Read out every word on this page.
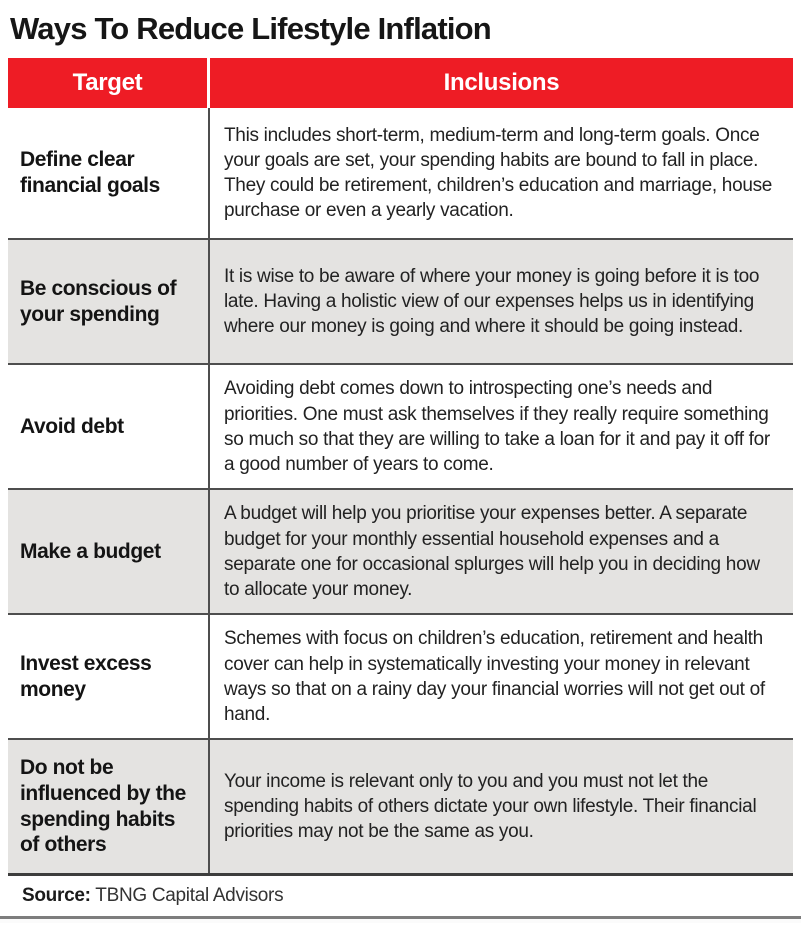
Ways To Reduce Lifestyle Inflation
Target	Inclusions
Define clear financial goals
This includes short-term, medium-term and long-term goals. Once your goals are set, your spending habits are bound to fall in place. They could be retirement, children’s education and marriage, house purchase or even a yearly vacation.
Be conscious of your spending
It is wise to be aware of where your money is going before it is too late. Having a holistic view of our expenses helps us in identifying where our money is going and where it should be going instead.
Avoid debt
Avoiding debt comes down to introspecting one’s needs and priorities. One must ask themselves if they really require something so much so that they are willing to take a loan for it and pay it off for a good number of years to come.
Make a budget
A budget will help you prioritise your expenses better. A separate budget for your monthly essential household expenses and a separate one for occasional splurges will help you in deciding how to allocate your money.
Invest excess money
Schemes with focus on children’s education, retirement and health cover can help in systematically investing your money in relevant ways so that on a rainy day your financial worries will not get out of hand.
Do not be influenced by the spending habits of others
Your income is relevant only to you and you must not let the spending habits of others dictate your own lifestyle. Their financial priorities may not be the same as you.
Source: TBNG Capital Advisors
